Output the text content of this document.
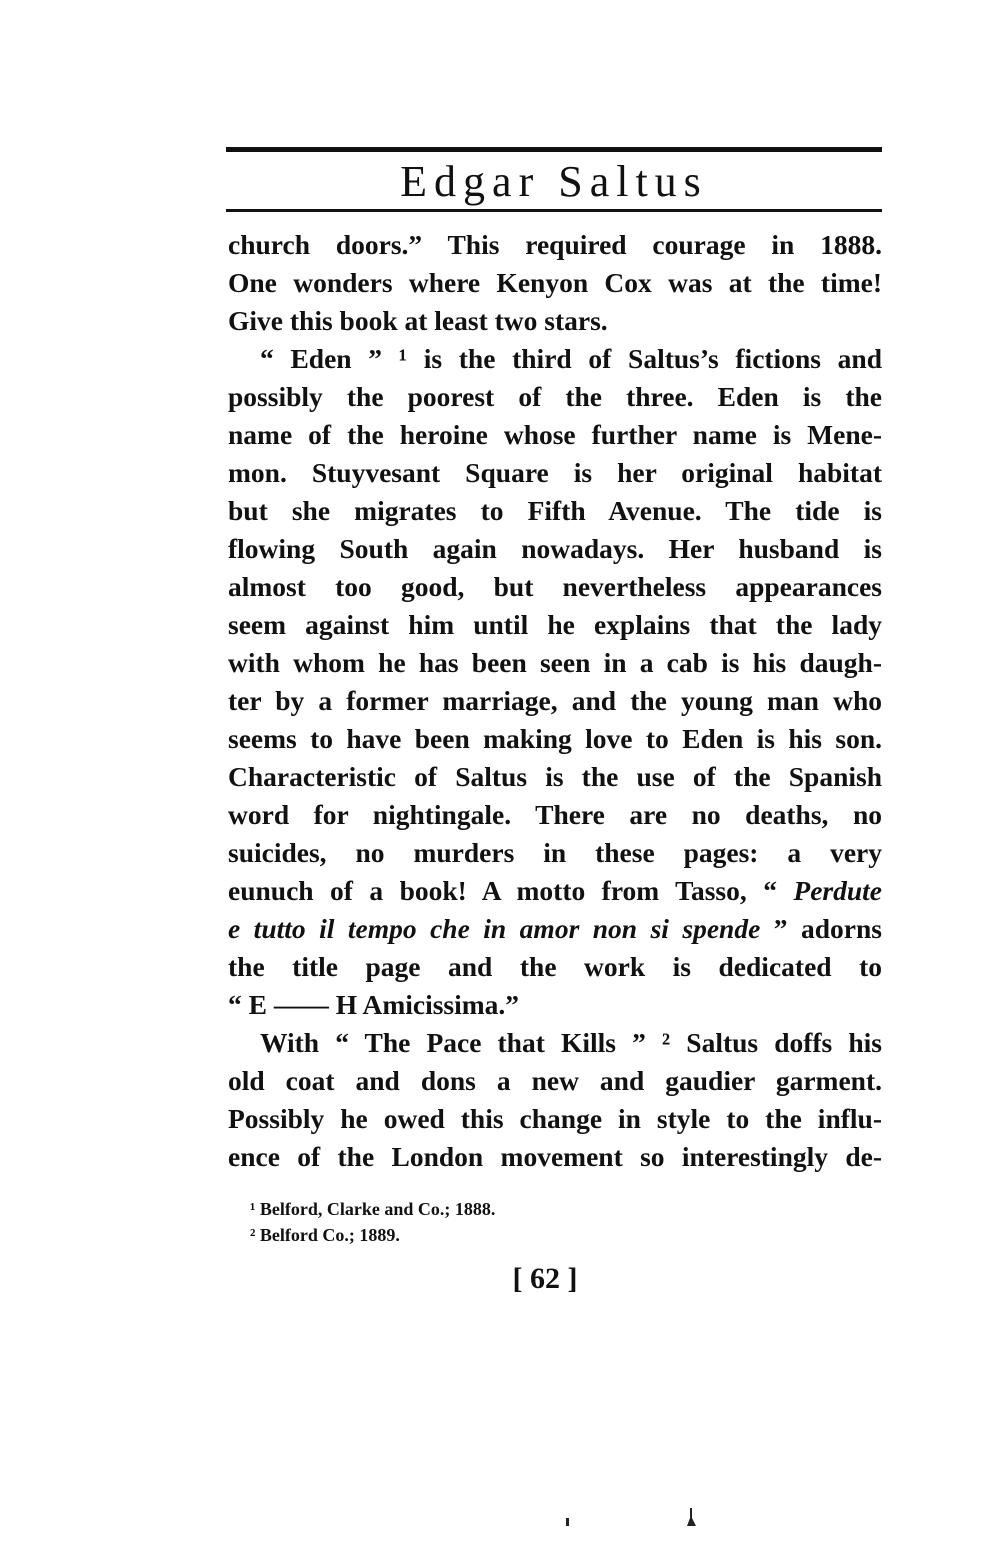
Edgar Saltus
church doors.” This required courage in 1888.
One wonders where Kenyon Cox was at the time!
Give this book at least two stars.
“ Eden ” ¹ is the third of Saltus’s fictions and
possibly the poorest of the three. Eden is the
name of the heroine whose further name is Mene-
mon. Stuyvesant Square is her original habitat
but she migrates to Fifth Avenue. The tide is
flowing South again nowadays. Her husband is
almost too good, but nevertheless appearances
seem against him until he explains that the lady
with whom he has been seen in a cab is his daugh-
ter by a former marriage, and the young man who
seems to have been making love to Eden is his son.
Characteristic of Saltus is the use of the Spanish
word for nightingale. There are no deaths, no
suicides, no murders in these pages: a very
eunuch of a book! A motto from Tasso, “ Perdute
e tutto il tempo che in amor non si spende ” adorns
the title page and the work is dedicated to
“ E —— H Amicissima.”
With “ The Pace that Kills ” ² Saltus doffs his
old coat and dons a new and gaudier garment.
Possibly he owed this change in style to the influ-
ence of the London movement so interestingly de-
¹ Belford, Clarke and Co.; 1888.
² Belford Co.; 1889.
[ 62 ]
